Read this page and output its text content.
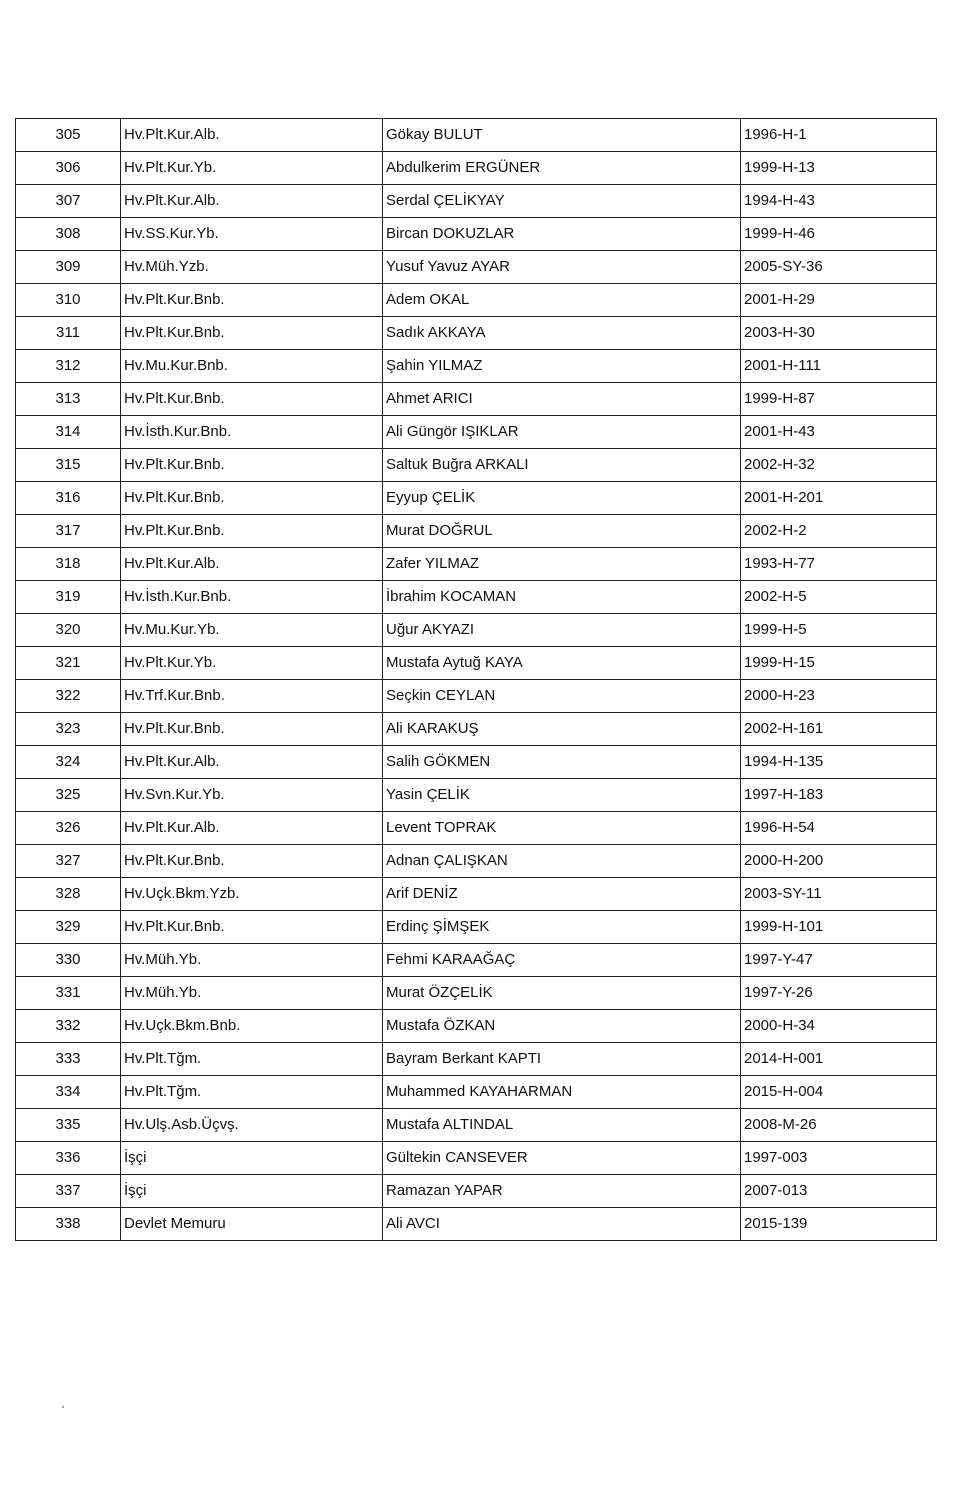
305	Hv.Plt.Kur.Alb.	Gökay BULUT	1996-H-1
306	Hv.Plt.Kur.Yb.	Abdulkerim ERGÜNER	1999-H-13
307	Hv.Plt.Kur.Alb.	Serdal ÇELİKYAY	1994-H-43
308	Hv.SS.Kur.Yb.	Bircan DOKUZLAR	1999-H-46
309	Hv.Müh.Yzb.	Yusuf Yavuz AYAR	2005-SY-36
310	Hv.Plt.Kur.Bnb.	Adem OKAL	2001-H-29
311	Hv.Plt.Kur.Bnb.	Sadık AKKAYA	2003-H-30
312	Hv.Mu.Kur.Bnb.	Şahin YILMAZ	2001-H-111
313	Hv.Plt.Kur.Bnb.	Ahmet ARICI	1999-H-87
314	Hv.İsth.Kur.Bnb.	Ali Güngör IŞIKLAR	2001-H-43
315	Hv.Plt.Kur.Bnb.	Saltuk Buğra ARKALI	2002-H-32
316	Hv.Plt.Kur.Bnb.	Eyyup ÇELİK	2001-H-201
317	Hv.Plt.Kur.Bnb.	Murat DOĞRUL	2002-H-2
318	Hv.Plt.Kur.Alb.	Zafer YILMAZ	1993-H-77
319	Hv.İsth.Kur.Bnb.	İbrahim KOCAMAN	2002-H-5
320	Hv.Mu.Kur.Yb.	Uğur AKYAZI	1999-H-5
321	Hv.Plt.Kur.Yb.	Mustafa Aytuğ KAYA	1999-H-15
322	Hv.Trf.Kur.Bnb.	Seçkin CEYLAN	2000-H-23
323	Hv.Plt.Kur.Bnb.	Ali KARAKUŞ	2002-H-161
324	Hv.Plt.Kur.Alb.	Salih GÖKMEN	1994-H-135
325	Hv.Svn.Kur.Yb.	Yasin ÇELİK	1997-H-183
326	Hv.Plt.Kur.Alb.	Levent TOPRAK	1996-H-54
327	Hv.Plt.Kur.Bnb.	Adnan ÇALIŞKAN	2000-H-200
328	Hv.Uçk.Bkm.Yzb.	Arif DENİZ	2003-SY-11
329	Hv.Plt.Kur.Bnb.	Erdinç ŞİMŞEK	1999-H-101
330	Hv.Müh.Yb.	Fehmi KARAAĞAÇ	1997-Y-47
331	Hv.Müh.Yb.	Murat ÖZÇELİK	1997-Y-26
332	Hv.Uçk.Bkm.Bnb.	Mustafa ÖZKAN	2000-H-34
333	Hv.Plt.Tğm.	Bayram Berkant KAPTI	2014-H-001
334	Hv.Plt.Tğm.	Muhammed KAYAHARMAN	2015-H-004
335	Hv.Ulş.Asb.Üçvş.	Mustafa ALTINDAL	2008-M-26
336	İşçi	Gültekin CANSEVER	1997-003
337	İşçi	Ramazan YAPAR	2007-013
338	Devlet Memuru	Ali AVCI	2015-139
